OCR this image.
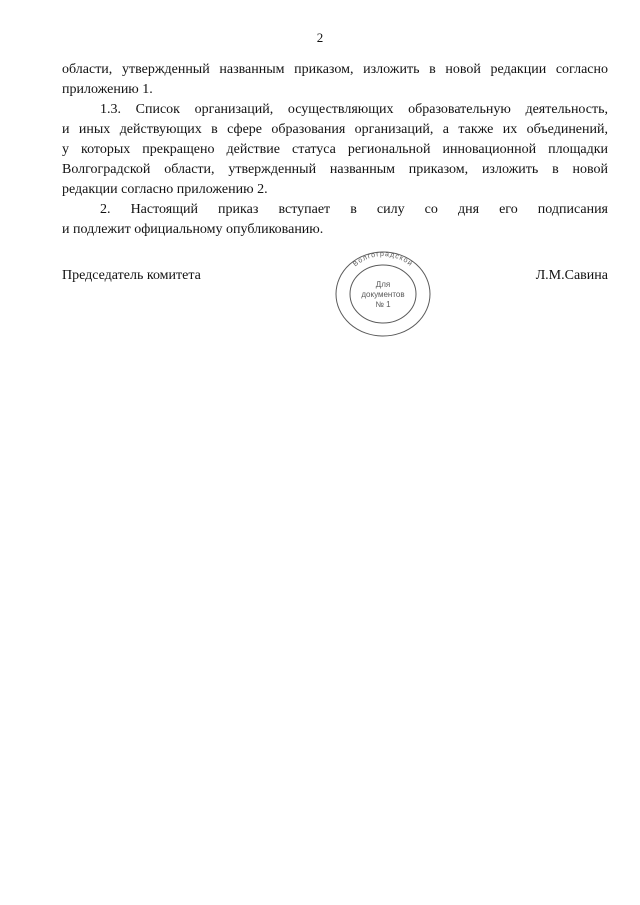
2
области, утвержденный названным приказом, изложить в новой редакции согласно
приложению 1.
1.3. Список организаций, осуществляющих образовательную деятельность,
и иных действующих в сфере образования организаций, а также их объединений,
у которых прекращено действие статуса региональной инновационной площадки
Волгоградской области, утвержденный названным приказом, изложить в новой
редакции согласно приложению 2.
2. Настоящий приказ вступает в силу со дня его подписания
и подлежит официальному опубликованию.
Председатель комитета	Л.М.Савина
Волгоградской
Для
документов
№ 1
